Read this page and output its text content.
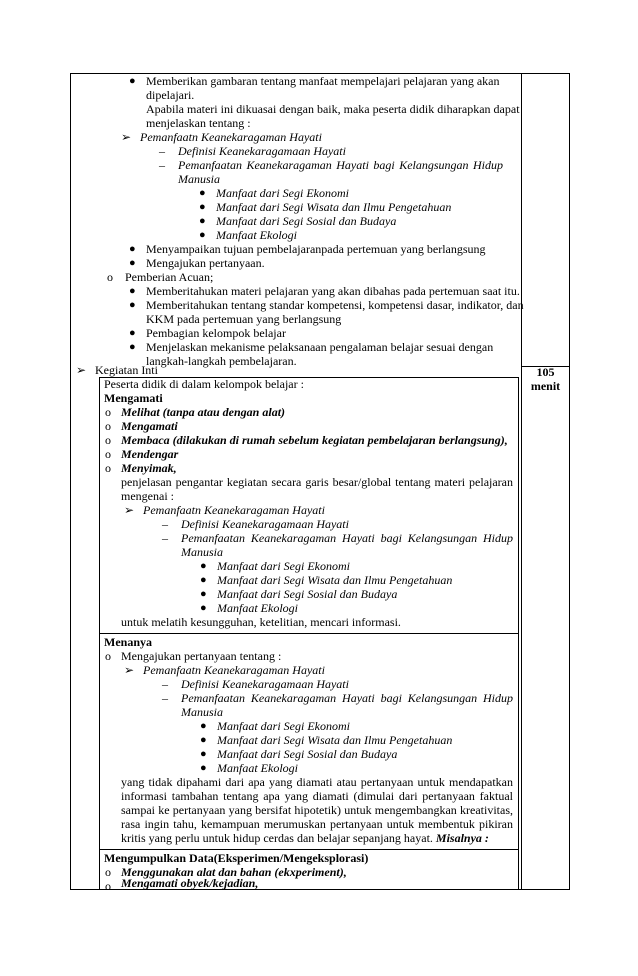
● Memberikan gambaran tentang manfaat mempelajari pelajaran yang akan
dipelajari.
Apabila materi ini dikuasai dengan baik, maka peserta didik diharapkan dapat
menjelaskan tentang :
➢ Pemanfaatn Keanekaragaman Hayati
– Definisi Keanekaragamaan Hayati
– Pemanfaatan Keanekaragaman Hayati bagi Kelangsungan Hidup
Manusia
● Manfaat dari Segi Ekonomi
● Manfaat dari Segi Wisata dan Ilmu Pengetahuan
● Manfaat dari Segi Sosial dan Budaya
● Manfaat Ekologi
● Menyampaikan tujuan pembelajaranpada pertemuan yang berlangsung
● Mengajukan pertanyaan.
o Pemberian Acuan;
● Memberitahukan materi pelajaran yang akan dibahas pada pertemuan saat itu.
● Memberitahukan tentang standar kompetensi, kompetensi dasar, indikator, dan
KKM pada pertemuan yang berlangsung
● Pembagian kelompok belajar
● Menjelaskan mekanisme pelaksanaan pengalaman belajar sesuai dengan
langkah-langkah pembelajaran.
➢ Kegiatan Inti	105
menit
Peserta didik di dalam kelompok belajar :
Mengamati
o Melihat (tanpa atau dengan alat)
o Mengamati
o Membaca (dilakukan di rumah sebelum kegiatan pembelajaran berlangsung),
o Mendengar
o Menyimak,
penjelasan pengantar kegiatan secara garis besar/global tentang materi pelajaran
mengenai :
➢ Pemanfaatn Keanekaragaman Hayati
– Definisi Keanekaragamaan Hayati
– Pemanfaatan Keanekaragaman Hayati bagi Kelangsungan Hidup
Manusia
● Manfaat dari Segi Ekonomi
● Manfaat dari Segi Wisata dan Ilmu Pengetahuan
● Manfaat dari Segi Sosial dan Budaya
● Manfaat Ekologi
untuk melatih kesungguhan, ketelitian, mencari informasi.
Menanya
o Mengajukan pertanyaan tentang :
➢ Pemanfaatn Keanekaragaman Hayati
– Definisi Keanekaragamaan Hayati
– Pemanfaatan Keanekaragaman Hayati bagi Kelangsungan Hidup
Manusia
● Manfaat dari Segi Ekonomi
● Manfaat dari Segi Wisata dan Ilmu Pengetahuan
● Manfaat dari Segi Sosial dan Budaya
● Manfaat Ekologi
yang tidak dipahami dari apa yang diamati atau pertanyaan untuk mendapatkan
informasi tambahan tentang apa yang diamati (dimulai dari pertanyaan faktual
sampai ke pertanyaan yang bersifat hipotetik) untuk mengembangkan kreativitas,
rasa ingin tahu, kemampuan merumuskan pertanyaan untuk membentuk pikiran
kritis yang perlu untuk hidup cerdas dan belajar sepanjang hayat. Misalnya :
Mengumpulkan Data(Eksperimen/Mengeksplorasi)
o Menggunakan alat dan bahan (ekxperiment),
o Mengamati obyek/kejadian,
